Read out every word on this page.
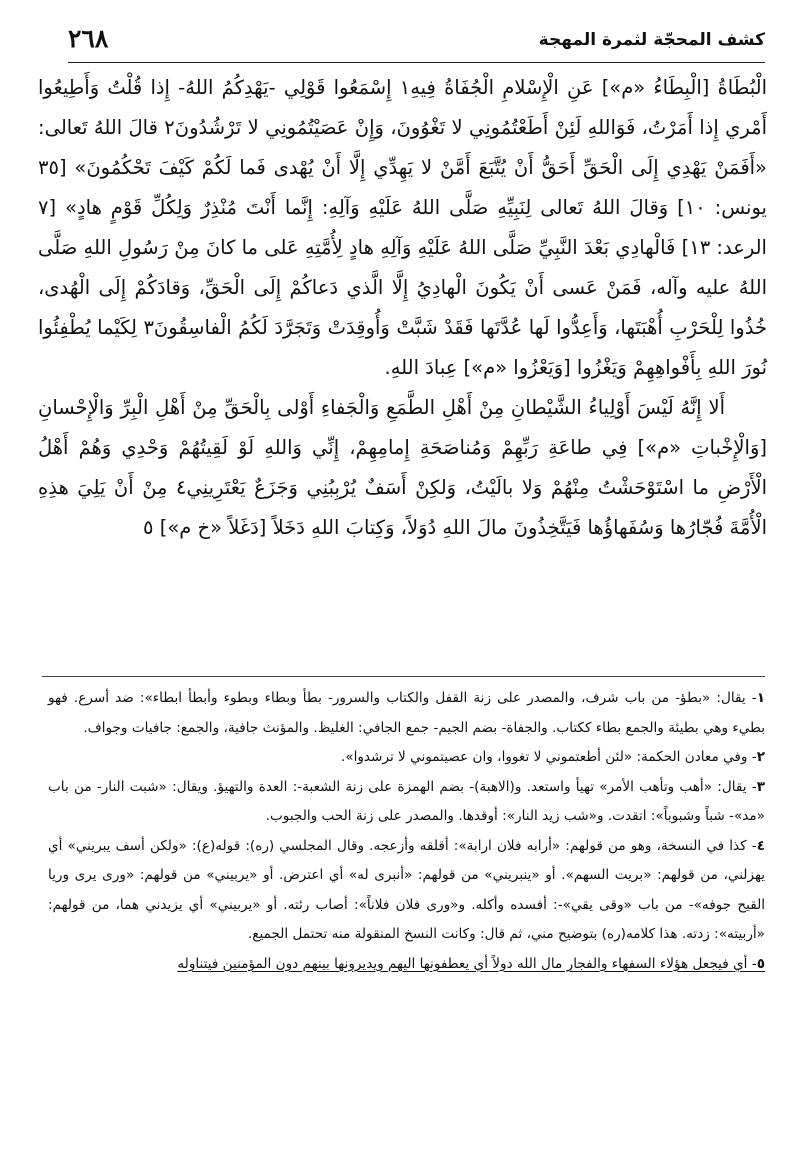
كشف المحجّة لثمرة المهجة
٢٦٨

الْبُطَاةُ [الْبِطَاءُ «م»] عَنِ الْإِسْلامِ الْجُفَاةُ فِيهِ١ إِسْمَعُوا قَوْلِي -يَهْدِكُمُ اللهُ- إِذا قُلْتُ وَأَطِيعُوا أَمْري إِذا أَمَرْتُ، فَوَاللهِ لَئِنْ أَطَعْتُمُونِي لا تَغْوُونَ، وَإِنْ عَصَيْتُمُونِي لا تَرْشُدُونَ٢ قالَ اللهُ تَعالى: «أَفَمَنْ يَهْدِي إِلَى الْحَقِّ أَحَقُّ أَنْ يُتَّبَعَ أَمَّنْ لا يَهِدِّي إِلَّا أَنْ يُهْدى فَما لَكُمْ كَيْفَ تَحْكُمُونَ» [٣٥ يونس: ١٠] وَقالَ اللهُ تَعالى لِنَبِيِّهِ صَلَّى اللهُ عَلَيْهِ وَآلِهِ: إِنَّما أَنْتَ مُنْذِرٌ وَلِكُلِّ قَوْمٍ هادٍ» [٧ الرعد: ١٣] فَالْهادِي بَعْدَ النَّبِيِّ صَلَّى اللهُ عَلَيْهِ وَآلِهِ هادٍ لِأُمَّتِهِ عَلى ما كانَ مِنْ رَسُولِ اللهِ صَلَّى اللهُ عليه وآله، فَمَنْ عَسى أَنْ يَكُونَ الْهادِيُ إِلَّا الَّذي دَعاكُمْ إِلَى الْحَقِّ، وَقادَكُمْ إِلَى الْهُدى، خُذُوا لِلْحَرْبِ أُهْبَتَها، وَأَعِدُّوا لَها عُدَّتَها فَقَدْ شَبَّتْ وَأُوقِدَتْ وَتَجَرَّدَ لَكُمُ الْفاسِقُونَ٣ لِكَيْما يُطْفِئُوا نُورَ اللهِ بِأَفْواهِهِمْ وَيَغْزُوا [وَيَعْزُوا «م»] عِبادَ اللهِ.

أَلا إِنَّهُ لَيْسَ أَوْلِياءُ الشَّيْطانِ مِنْ أَهْلِ الطَّمَعِ وَالْجَفاءِ أَوْلى بِالْحَقِّ مِنْ أَهْلِ الْبِرِّ وَالْإِحْسانِ [وَالْإِخْباتِ «م»] فِي طاعَةِ رَبِّهِمْ وَمُناصَحَةِ إِمامِهِمْ، إِنِّي وَاللهِ لَوْ لَقِيتُهُمْ وَحْدِي وَهُمْ أَهْلُ الْأَرْضِ ما اسْتَوْحَشْتُ مِنْهُمْ وَلا بالَيْتُ، وَلكِنْ أَسَفٌ يُرْبِبُنِي وَجَزَعٌ يَعْتَرِينِي٤ مِنْ أَنْ يَلِيَ هذِهِ الْأُمَّةَ فُجّارُها وَسُفَهاؤُها فَيَتَّخِذُونَ مالَ اللهِ دُوَلاً، وَكِتابَ اللهِ دَخَلاً [دَغَلاً «خ م»] ٥

١- يقال: «بطؤ- من باب شرف، والمصدر على زنة القفل والكتاب والسرور- بطأ وبطاء وبطوء وأبطأ ابطاء»: ضد أسرع. فهو بطيء وهي بطيئة والجمع بطاء ككتاب. والجفاة- بضم الجيم- جمع الجافي: الغليظ. والمؤنث جافية، والجمع: جافيات وجواف.

٢- وفي معادن الحكمة: «لئن أطعتموني لا تغووا، وان عصيتموني لا ترشدوا».

٣- يقال: «أهب وتأهب الأمر» تهيأ واستعد. و(الاهبة)- بضم الهمزة على زنة الشعبة-: العدة والتهيؤ. ويقال: «شبت النار- من باب «مد»- شباً وشبوباً»: اتقدت. و«شب زيد النار»: أوقدها. والمصدر على زنة الحب والجبوب.

٤- كذا في النسخة، وهو من قولهم: «أرابه فلان ارابة»: أقلقه وأزعجه. وقال المجلسي (ره): قوله(ع): «ولكن أسف يبريني» أي يهزلني، من قولهم: «بريت السهم». أو «ينبريني» من قولهم: «أنبرى له» أي اعترض. أو «يربيني» من قولهم: «ورى يرى وريا القيح جوفه»- من باب «وقى يقي»-: أفسده وأكله. و«ورى فلان فلاناً»: أصاب رئته. أو «يربيني» أي يزيدني هما، من قولهم: «أربيته»: زدته. هذا كلامه(ره) بتوضيح مني، ثم قال: وكانت النسخ المنقولة منه تحتمل الجميع.

٥- أي فيجعل هؤلاء السفهاء والفجار مال الله دولاً أي يعطفونها اليهم ويديرونها بينهم دون المؤمنين فيتناوله
